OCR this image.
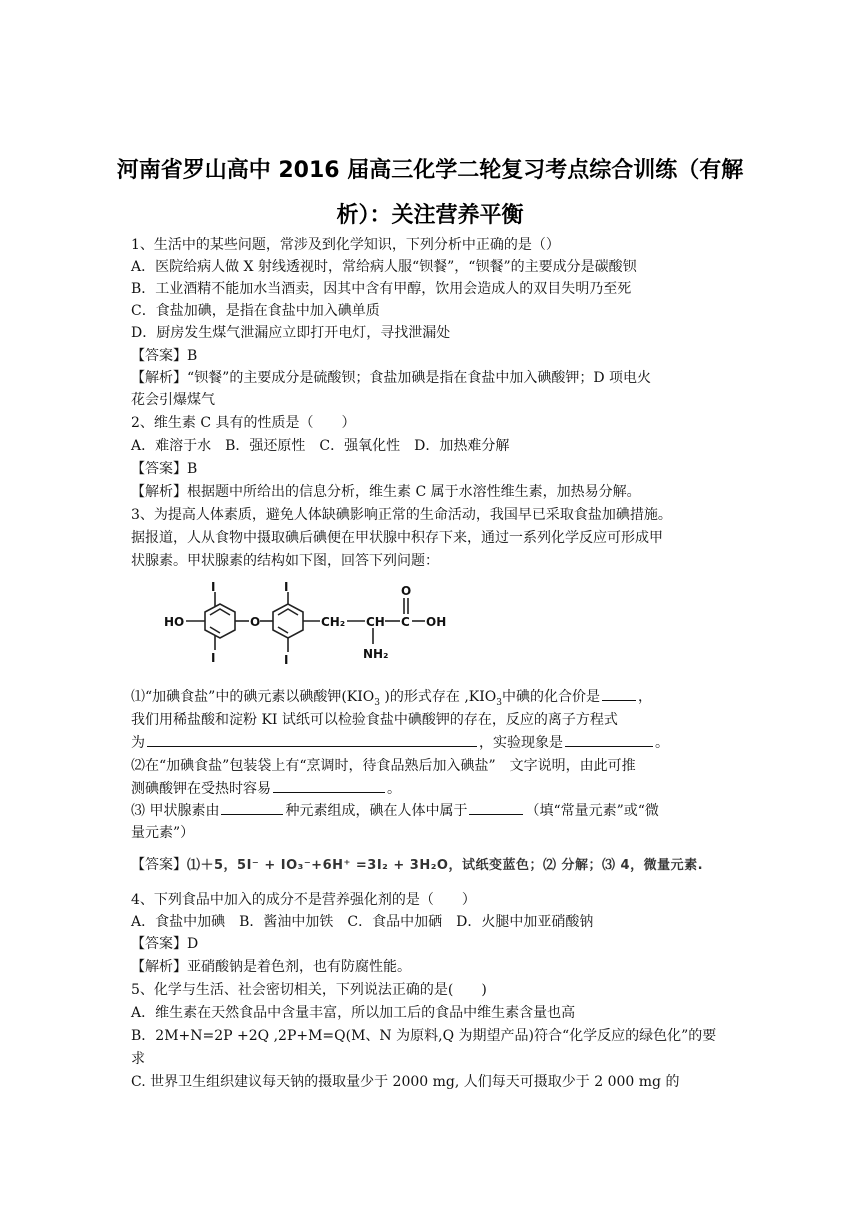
河南省罗山高中 2016 届高三化学二轮复习考点综合训练（有解
析）：关注营养平衡
1、生活中的某些问题，常涉及到化学知识，下列分析中正确的是（）
A．医院给病人做 X 射线透视时，常给病人服“钡餐”，“钡餐”的主要成分是碳酸钡
B．工业酒精不能加水当酒卖，因其中含有甲醇，饮用会造成人的双目失明乃至死
C．食盐加碘，是指在食盐中加入碘单质
D．厨房发生煤气泄漏应立即打开电灯，寻找泄漏处
【答案】B
【解析】“钡餐”的主要成分是硫酸钡；食盐加碘是指在食盐中加入碘酸钾；D 项电火
花会引爆煤气
2、维生素 C 具有的性质是（　　）
A．难溶于水　B．强还原性　C．强氧化性　D．加热难分解
【答案】B
【解析】根据题中所给出的信息分析，维生素 C 属于水溶性维生素，加热易分解。
3、为提高人体素质，避免人体缺碘影响正常的生命活动，我国早已采取食盐加碘措施。
据报道，人从食物中摄取碘后碘便在甲状腺中积存下来，通过一系列化学反应可形成甲
状腺素。甲状腺素的结构如下图，回答下列问题：
HO	O
I
I
I
I
CH₂ CH C OH
O
NH₂
⑴“加碘食盐”中的碘元素以碘酸钾($KIO_3$ )的形式存在 $,KIO_3$中碘的化合价是	，
我们用稀盐酸和淀粉 KI 试纸可以检验食盐中碘酸钾的存在，反应的离子方程式
为	，实验现象是	。
⑵在“加碘食盐”包装袋上有“烹调时，待食品熟后加入碘盐”　文字说明，由此可推
测碘酸钾在受热时容易	。
⑶ 甲状腺素由	种元素组成，碘在人体中属于	（填“常量元素”或“微
量元素”）
【答案】⑴＋5，5I⁻ + IO₃⁻+6H⁺ =3I₂ + 3H₂O，试纸变蓝色；⑵ 分解；⑶ 4，微量元素.
4、下列食品中加入的成分不是营养强化剂的是（　　）
A．食盐中加碘　B．酱油中加铁　C．食品中加硒　D．火腿中加亚硝酸钠
【答案】D
【解析】亚硝酸钠是着色剂，也有防腐性能。
5、化学与生活、社会密切相关，下列说法正确的是(　　)
A．维生素在天然食品中含量丰富，所以加工后的食品中维生素含量也高
B．2M+N=2P +2Q ,2P+M=Q(M、N 为原料,Q 为期望产品)符合“化学反应的绿色化”的要
求
C. 世界卫生组织建议每天钠的摄取量少于 2000 mg, 人们每天可摄取少于 2 000 mg 的
